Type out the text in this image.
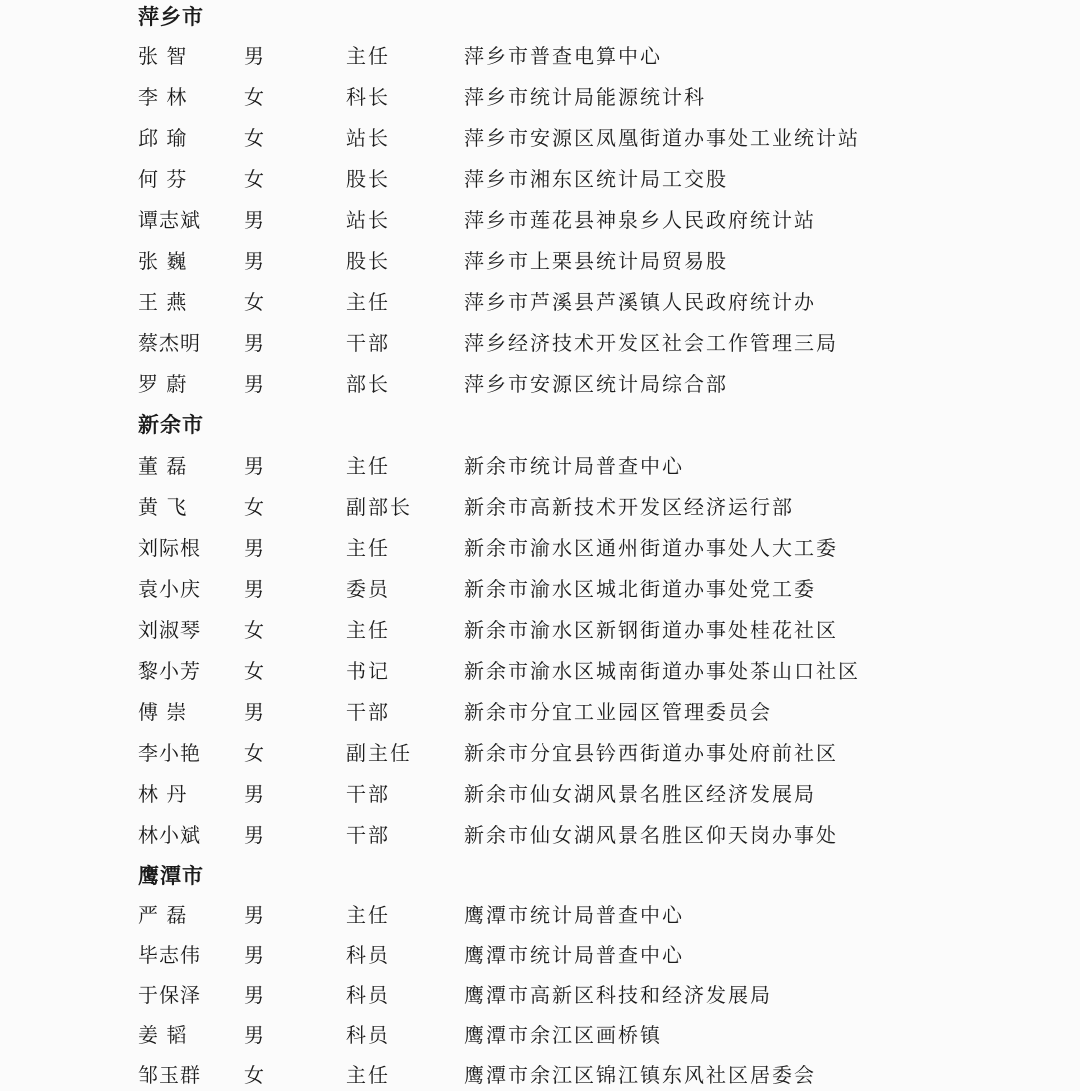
萍乡市
张 智	男	主任	萍乡市普查电算中心
李 林	女	科长	萍乡市统计局能源统计科
邱 瑜	女	站长	萍乡市安源区凤凰街道办事处工业统计站
何 芬	女	股长	萍乡市湘东区统计局工交股
谭志斌 男	站长	萍乡市莲花县神泉乡人民政府统计站
张 巍	男	股长	萍乡市上栗县统计局贸易股
王 燕	女	主任	萍乡市芦溪县芦溪镇人民政府统计办
蔡杰明 男	干部	萍乡经济技术开发区社会工作管理三局
罗 蔚	男	部长	萍乡市安源区统计局综合部
新余市
董 磊	男	主任	新余市统计局普查中心
黄 飞	女	副部长	新余市高新技术开发区经济运行部
刘际根 男	主任	新余市渝水区通州街道办事处人大工委
袁小庆 男	委员	新余市渝水区城北街道办事处党工委
刘淑琴 女	主任	新余市渝水区新钢街道办事处桂花社区
黎小芳 女	书记	新余市渝水区城南街道办事处茶山口社区
傅 崇	男	干部	新余市分宜工业园区管理委员会
李小艳 女	副主任	新余市分宜县钤西街道办事处府前社区
林 丹	男	干部	新余市仙女湖风景名胜区经济发展局
林小斌 男	干部	新余市仙女湖风景名胜区仰天岗办事处
鹰潭市
严 磊	男	主任	鹰潭市统计局普查中心
毕志伟 男	科员	鹰潭市统计局普查中心
于保泽 男	科员	鹰潭市高新区科技和经济发展局
姜 韬	男	科员	鹰潭市余江区画桥镇
邹玉群 女	主任	鹰潭市余江区锦江镇东风社区居委会
